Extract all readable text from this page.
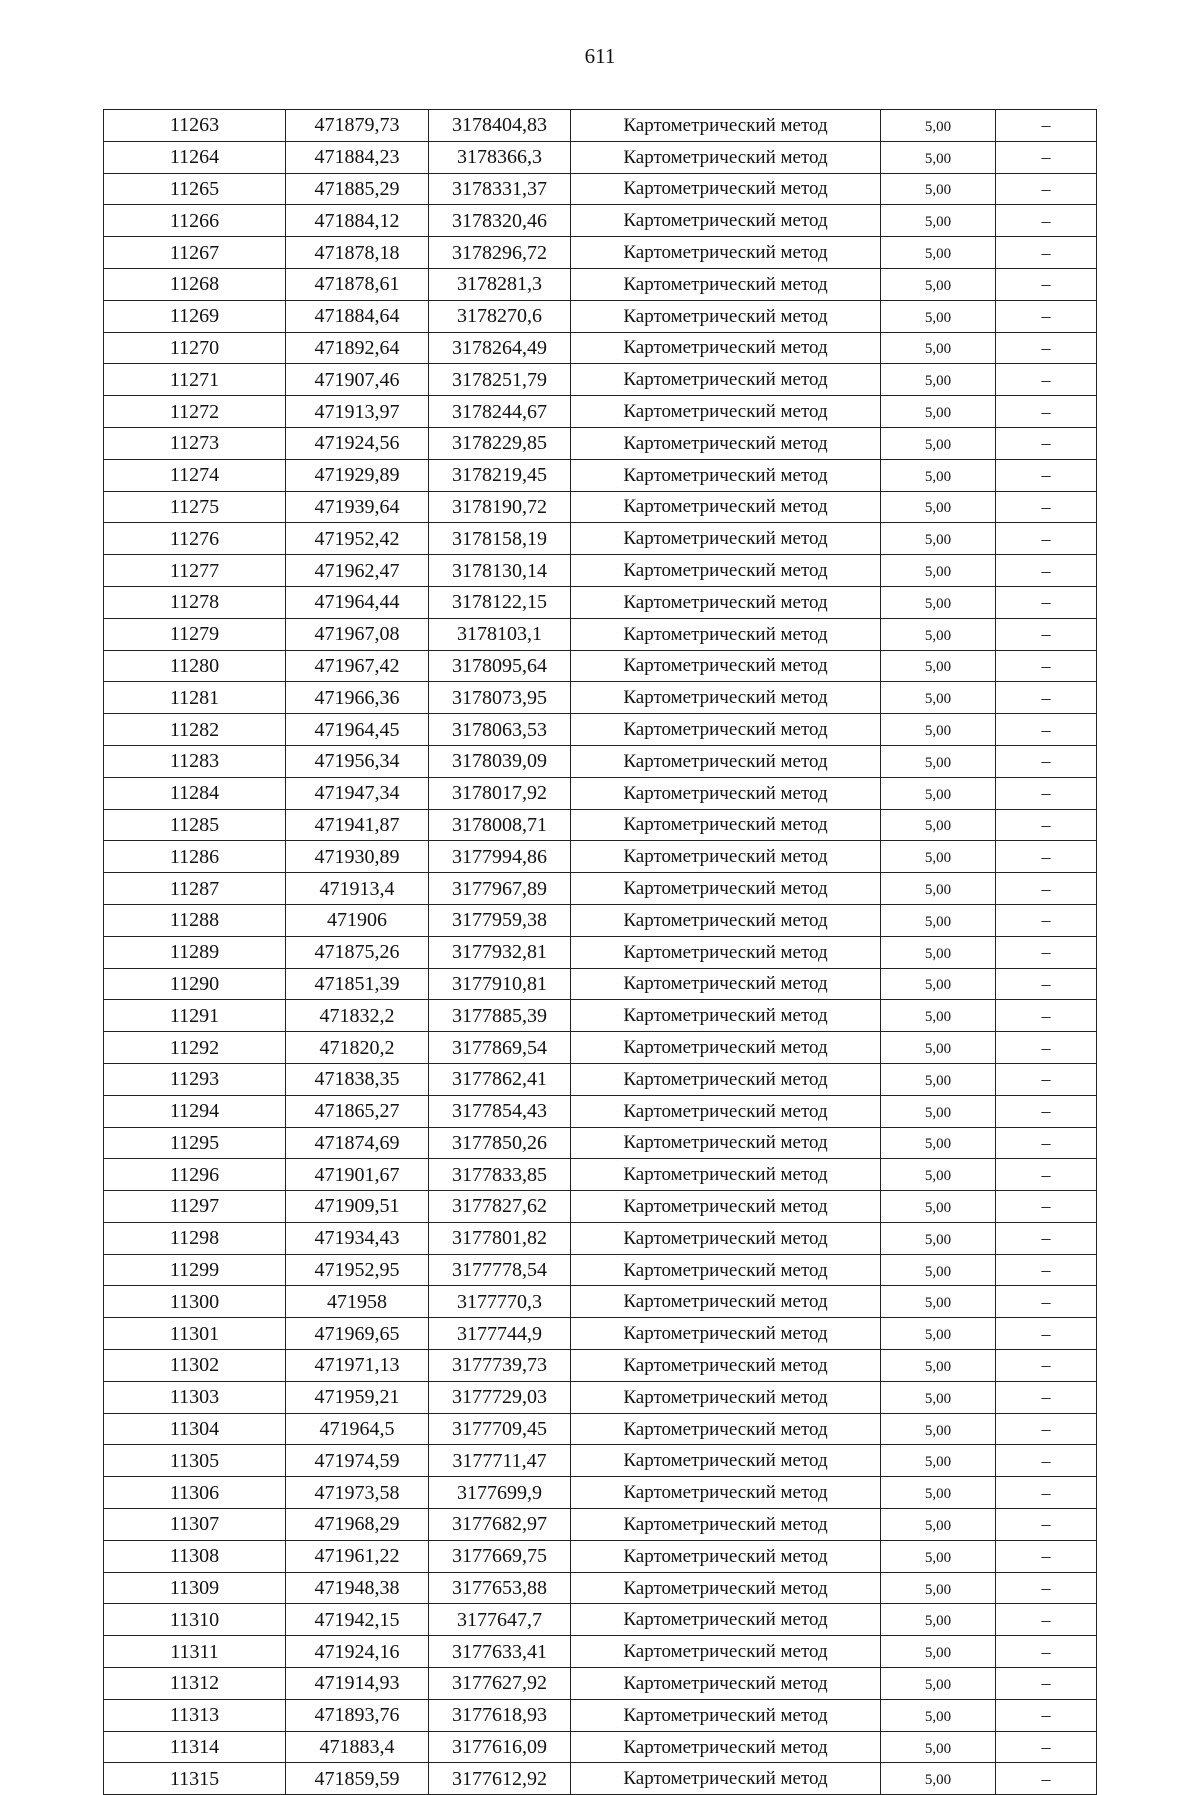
611
11263	471879,73	3178404,83	Картометрический метод	5,00	–
11264	471884,23	3178366,3	Картометрический метод	5,00	–
11265	471885,29	3178331,37	Картометрический метод	5,00	–
11266	471884,12	3178320,46	Картометрический метод	5,00	–
11267	471878,18	3178296,72	Картометрический метод	5,00	–
11268	471878,61	3178281,3	Картометрический метод	5,00	–
11269	471884,64	3178270,6	Картометрический метод	5,00	–
11270	471892,64	3178264,49	Картометрический метод	5,00	–
11271	471907,46	3178251,79	Картометрический метод	5,00	–
11272	471913,97	3178244,67	Картометрический метод	5,00	–
11273	471924,56	3178229,85	Картометрический метод	5,00	–
11274	471929,89	3178219,45	Картометрический метод	5,00	–
11275	471939,64	3178190,72	Картометрический метод	5,00	–
11276	471952,42	3178158,19	Картометрический метод	5,00	–
11277	471962,47	3178130,14	Картометрический метод	5,00	–
11278	471964,44	3178122,15	Картометрический метод	5,00	–
11279	471967,08	3178103,1	Картометрический метод	5,00	–
11280	471967,42	3178095,64	Картометрический метод	5,00	–
11281	471966,36	3178073,95	Картометрический метод	5,00	–
11282	471964,45	3178063,53	Картометрический метод	5,00	–
11283	471956,34	3178039,09	Картометрический метод	5,00	–
11284	471947,34	3178017,92	Картометрический метод	5,00	–
11285	471941,87	3178008,71	Картометрический метод	5,00	–
11286	471930,89	3177994,86	Картометрический метод	5,00	–
11287	471913,4	3177967,89	Картометрический метод	5,00	–
11288	471906	3177959,38	Картометрический метод	5,00	–
11289	471875,26	3177932,81	Картометрический метод	5,00	–
11290	471851,39	3177910,81	Картометрический метод	5,00	–
11291	471832,2	3177885,39	Картометрический метод	5,00	–
11292	471820,2	3177869,54	Картометрический метод	5,00	–
11293	471838,35	3177862,41	Картометрический метод	5,00	–
11294	471865,27	3177854,43	Картометрический метод	5,00	–
11295	471874,69	3177850,26	Картометрический метод	5,00	–
11296	471901,67	3177833,85	Картометрический метод	5,00	–
11297	471909,51	3177827,62	Картометрический метод	5,00	–
11298	471934,43	3177801,82	Картометрический метод	5,00	–
11299	471952,95	3177778,54	Картометрический метод	5,00	–
11300	471958	3177770,3	Картометрический метод	5,00	–
11301	471969,65	3177744,9	Картометрический метод	5,00	–
11302	471971,13	3177739,73	Картометрический метод	5,00	–
11303	471959,21	3177729,03	Картометрический метод	5,00	–
11304	471964,5	3177709,45	Картометрический метод	5,00	–
11305	471974,59	3177711,47	Картометрический метод	5,00	–
11306	471973,58	3177699,9	Картометрический метод	5,00	–
11307	471968,29	3177682,97	Картометрический метод	5,00	–
11308	471961,22	3177669,75	Картометрический метод	5,00	–
11309	471948,38	3177653,88	Картометрический метод	5,00	–
11310	471942,15	3177647,7	Картометрический метод	5,00	–
11311	471924,16	3177633,41	Картометрический метод	5,00	–
11312	471914,93	3177627,92	Картометрический метод	5,00	–
11313	471893,76	3177618,93	Картометрический метод	5,00	–
11314	471883,4	3177616,09	Картометрический метод	5,00	–
11315	471859,59	3177612,92	Картометрический метод	5,00	–
